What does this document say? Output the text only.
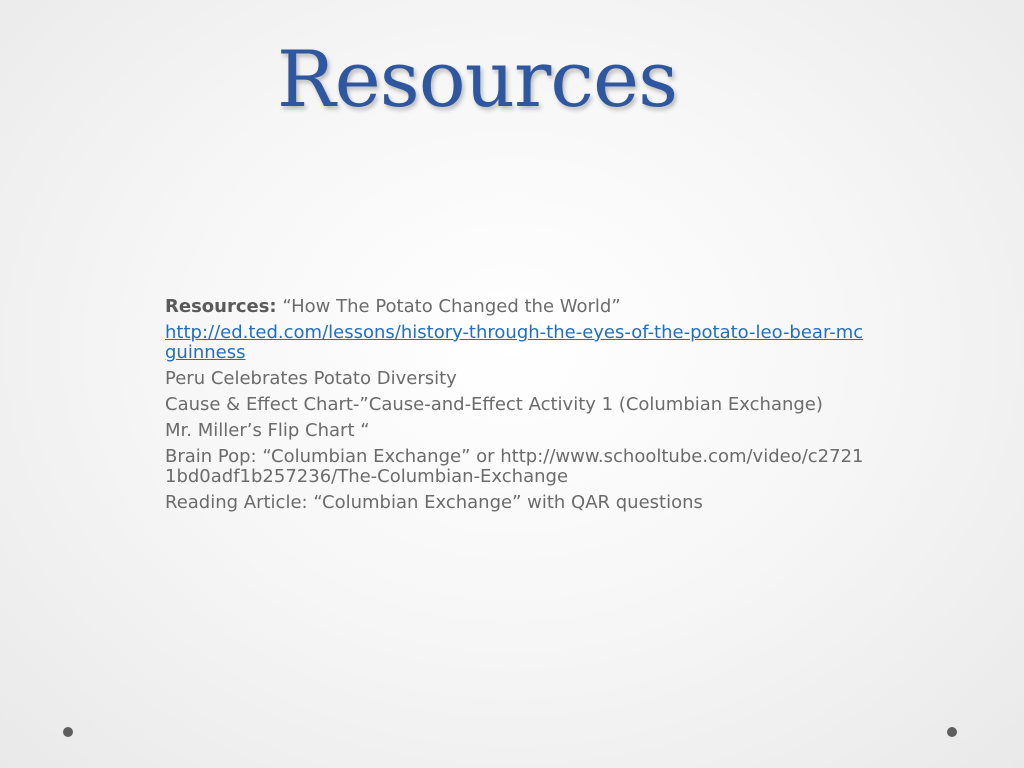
Resources

Resources: “How The Potato Changed the World”

http://ed.ted.com/lessons/history-through-the-eyes-of-the-potato-leo-bear-mcguinness

Peru Celebrates Potato Diversity

Cause & Effect Chart-”Cause-and-Effect Activity 1 (Columbian Exchange)

Mr. Miller’s Flip Chart “

Brain Pop: “Columbian Exchange” or http://www.schooltube.com/video/c27211bd0adf1b257236/The-Columbian-Exchange

Reading Article: “Columbian Exchange” with QAR questions
